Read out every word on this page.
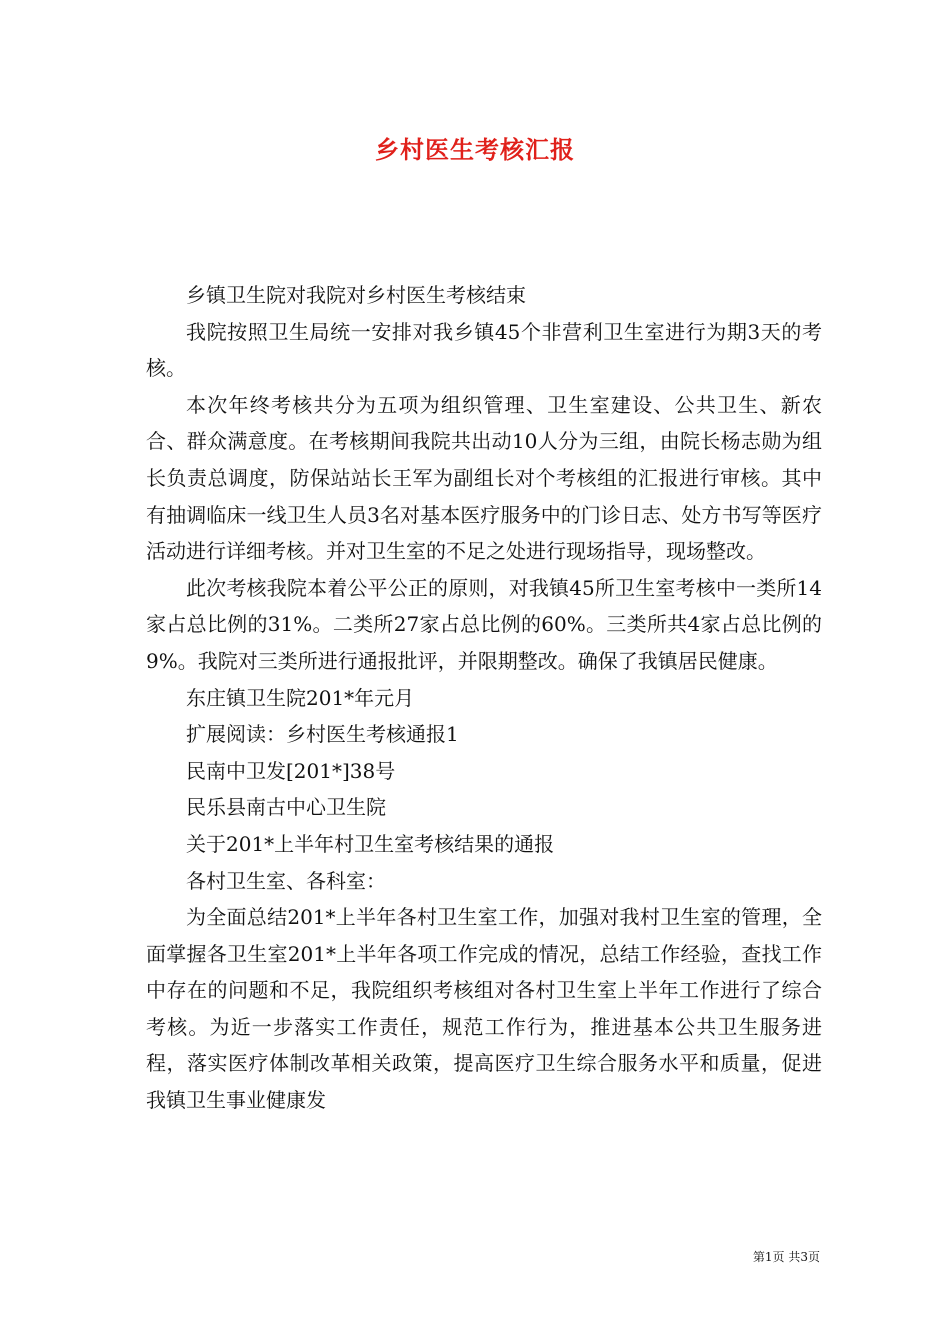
乡村医生考核汇报

乡镇卫生院对我院对乡村医生考核结束

我院按照卫生局统一安排对我乡镇45个非营利卫生室进行为期3天的考核。

本次年终考核共分为五项为组织管理、卫生室建设、公共卫生、新农合、群众满意度。在考核期间我院共出动10人分为三组，由院长杨志勋为组长负责总调度，防保站站长王军为副组长对个考核组的汇报进行审核。其中有抽调临床一线卫生人员3名对基本医疗服务中的门诊日志、处方书写等医疗活动进行详细考核。并对卫生室的不足之处进行现场指导，现场整改。

此次考核我院本着公平公正的原则，对我镇45所卫生室考核中一类所14家占总比例的31%。二类所27家占总比例的60%。三类所共4家占总比例的9%。我院对三类所进行通报批评，并限期整改。确保了我镇居民健康。

东庄镇卫生院201*年元月

扩展阅读：乡村医生考核通报1

民南中卫发[201*]38号

民乐县南古中心卫生院

关于201*上半年村卫生室考核结果的通报

各村卫生室、各科室：

为全面总结201*上半年各村卫生室工作，加强对我村卫生室的管理，全面掌握各卫生室201*上半年各项工作完成的情况，总结工作经验，查找工作中存在的问题和不足，我院组织考核组对各村卫生室上半年工作进行了综合考核。为近一步落实工作责任，规范工作行为，推进基本公共卫生服务进程，落实医疗体制改革相关政策，提高医疗卫生综合服务水平和质量，促进我镇卫生事业健康发

第1页 共3页
